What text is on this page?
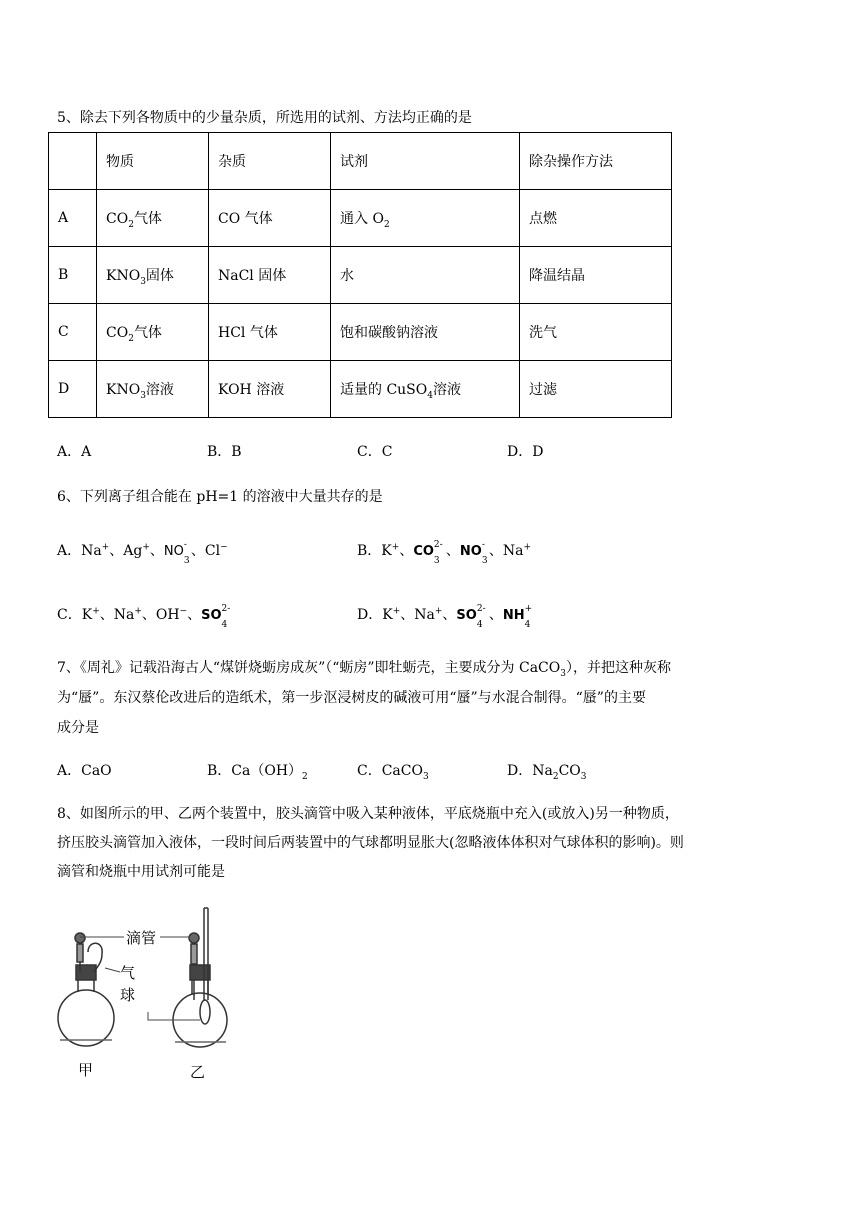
5、除去下列各物质中的少量杂质，所选用的试剂、方法均正确的是
	物质	杂质	试剂	除杂操作方法
A	$CO_2$气体	CO 气体	通入 $O_2$	点燃
B	$KNO_3$固体	NaCl 固体	水	降温结晶
C	$CO_2$气体	HCl 气体	饱和碳酸钠溶液	洗气
D	$KNO_3$溶液	KOH 溶液	适量的 CuSO$_4$溶液	过滤
A．A	B．B	C．C	D．D
6、下列离子组合能在 pH=1 的溶液中大量共存的是
A．Na+、Ag+、NO -
3
、Cl−	B．K+、CO 2-
3
、NO -
3
、Na+
C．K+、Na+、OH−、SO 2-
4
D．K+、Na+、SO 2-
4
、NH +
4
7、《周礼》记载沿海古人“煤饼烧蛎房成灰”（“蛎房”即牡蛎壳，主要成分为 CaCO$_3$），并把这种灰称
为“蜃”。东汉蔡伦改进后的造纸术，第一步沤浸树皮的碱液可用“蜃”与水混合制得。“蜃”的主要
成分是
A．CaO	B．$Ca(OH)_2$	C．CaCO$_3$	D．$Na_2CO_3$
8、如图所示的甲、乙两个装置中，胶头滴管中吸入某种液体，平底烧瓶中充入(或放入)另一种物质，
挤压胶头滴管加入液体，一段时间后两装置中的气球都明显胀大(忽略液体体积对气球体积的影响)。则
滴管和烧瓶中用试剂可能是
滴管
气
球
甲	乙
